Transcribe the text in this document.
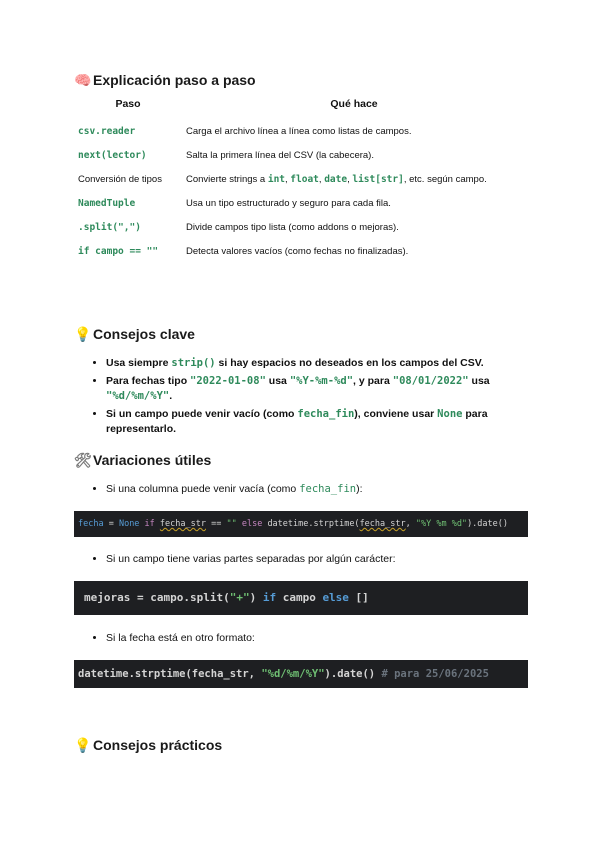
🧠 Explicación paso a paso
Paso	Qué hace
csv.reader	Carga el archivo línea a línea como listas de campos.
next(lector)	Salta la primera línea del CSV (la cabecera).
Conversión de tipos	Convierte strings a int, float, date, list[str], etc. según campo.
NamedTuple	Usa un tipo estructurado y seguro para cada fila.
.split(",")	Divide campos tipo lista (como addons o mejoras).
if campo == ""	Detecta valores vacíos (como fechas no finalizadas).
💡 Consejos clave
• Usa siempre strip() si hay espacios no deseados en los campos del CSV.
• Para fechas tipo "2022-01-08" usa "%Y-%m-%d", y para "08/01/2022" usa "%d/%m/%Y".
• Si un campo puede venir vacío (como fecha_fin), conviene usar None para representarlo.
🛠Variaciones útiles
• Si una columna puede venir vacía (como fecha_fin):
fecha = None if fecha_str == "" else datetime.strptime(fecha_str, "%Y %m %d").date()
• Si un campo tiene varias partes separadas por algún carácter:
mejoras = campo.split("+") if campo else []
• Si la fecha está en otro formato:
datetime.strptime(fecha_str, "%d/%m/%Y").date() # para 25/06/2025
💡 Consejos prácticos
